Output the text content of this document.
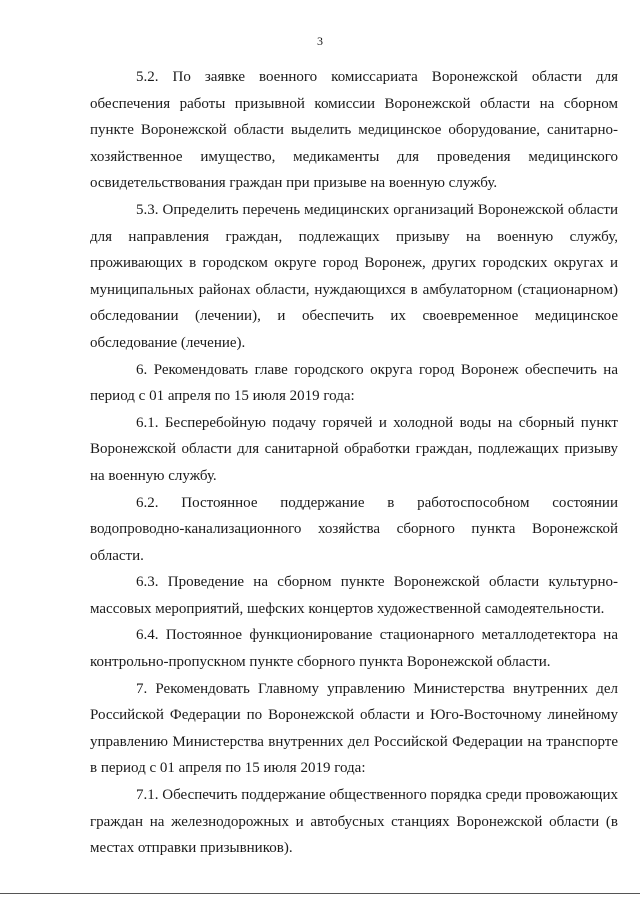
3

5.2. По заявке военного комиссариата Воронежской области для обеспечения работы призывной комиссии Воронежской области на сборном пункте Воронежской области выделить медицинское оборудование, санитарно-хозяйственное имущество, медикаменты для проведения медицинского освидетельствования граждан при призыве на военную службу.

5.3. Определить перечень медицинских организаций Воронежской области для направления граждан, подлежащих призыву на военную службу, проживающих в городском округе город Воронеж, других городских округах и муниципальных районах области, нуждающихся в амбулаторном (стационарном) обследовании (лечении), и обеспечить их своевременное медицинское обследование (лечение).

6. Рекомендовать главе городского округа город Воронеж обеспечить на период с 01 апреля по 15 июля 2019 года:

6.1. Бесперебойную подачу горячей и холодной воды на сборный пункт Воронежской области для санитарной обработки граждан, подлежащих призыву на военную службу.

6.2. Постоянное поддержание в работоспособном состоянии водопроводно-канализационного хозяйства сборного пункта Воронежской области.

6.3. Проведение на сборном пункте Воронежской области культурно-массовых мероприятий, шефских концертов художественной самодеятельности.

6.4. Постоянное функционирование стационарного металлодетектора на контрольно-пропускном пункте сборного пункта Воронежской области.

7. Рекомендовать Главному управлению Министерства внутренних дел Российской Федерации по Воронежской области и Юго-Восточному линейному управлению Министерства внутренних дел Российской Федерации на транспорте в период с 01 апреля по 15 июля 2019 года:

7.1. Обеспечить поддержание общественного порядка среди провожающих граждан на железнодорожных и автобусных станциях Воронежской области (в местах отправки призывников).
